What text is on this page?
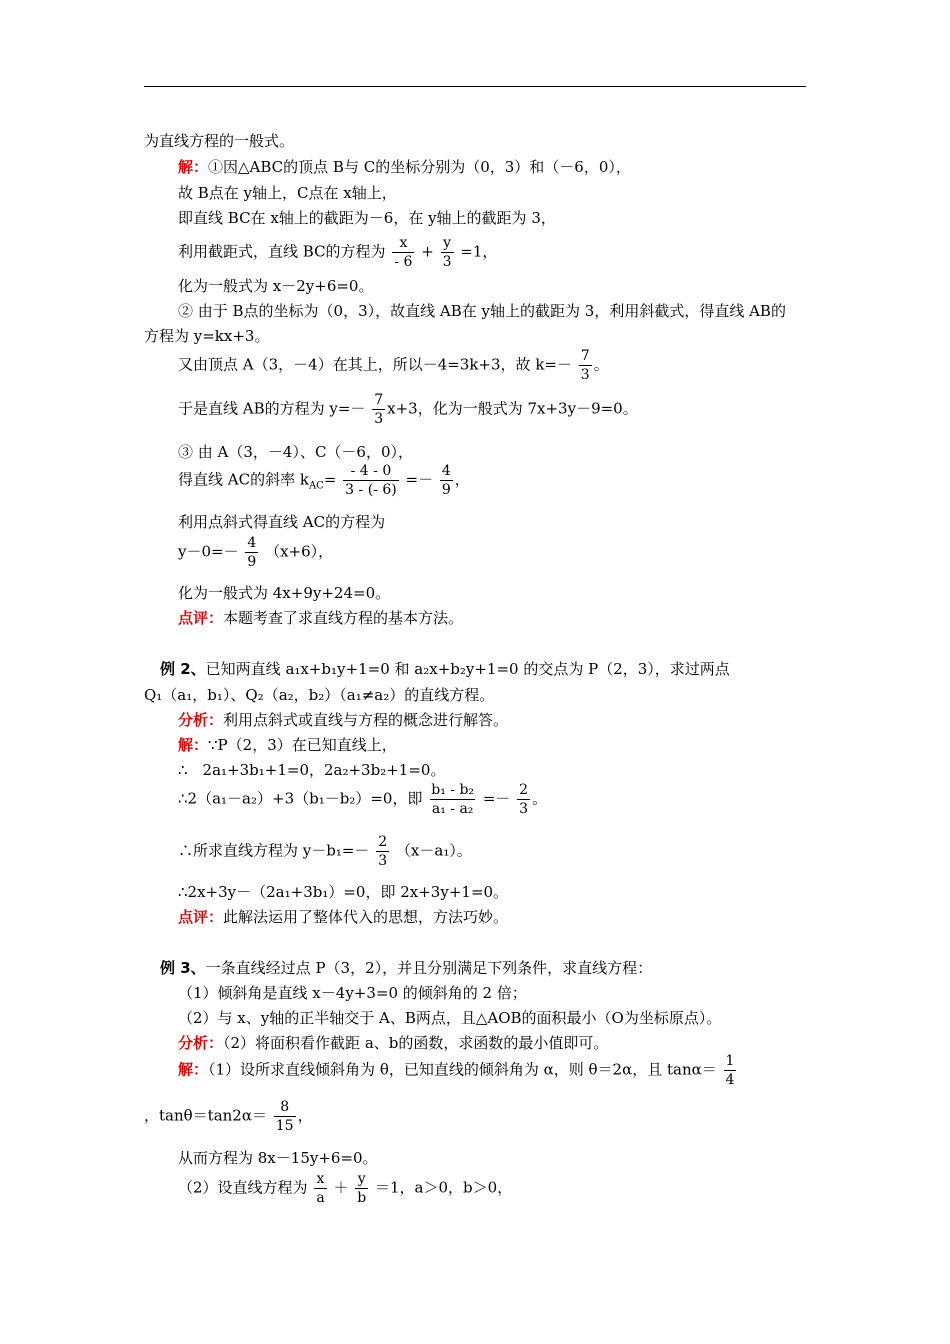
为直线方程的一般式。
解：①因△ABC的顶点 B与 C的坐标分别为（0，3）和（－6，0），
故 B点在 y轴上，C点在 x轴上，
即直线 BC在 x轴上的截距为－6，在 y轴上的截距为 3，
利用截距式，直线 BC的方程为 $\frac{x}{- 6} + \frac{y}{3} =1$，
化为一般式为 x－2y+6=0。
② 由于 B点的坐标为（0，3），故直线 AB在 y轴上的截距为 3，利用斜截式，得直线 AB的
方程为 y=kx+3。
又由顶点 A（3，－4）在其上，所以－4=3k+3，故 $k=- \frac{7}{3}$ 。
于是直线 AB的方程为 $y=- \frac{7}{3} x+3$，化为一般式为 7x+3y－9=0。
③ 由 A（3，－4）、C（－6，0），
得直线 AC的斜率 $k_{AC}= \frac{- 4 - 0}{3 - (- 6)} =- \frac{4}{9}$ ，
利用点斜式得直线 AC的方程为
$y-0=- \frac{4}{9} (x+6)$，
化为一般式为 4x+9y+24=0。
点评：本题考查了求直线方程的基本方法。
例 2、已知两直线 a₁x+b₁y+1=0 和 a₂x+b₂y+1=0 的交点为 P（2，3），求过两点
Q₁（a₁，b₁）、Q₂（a₂，b₂）（a₁≠a₂）的直线方程。
分析：利用点斜式或直线与方程的概念进行解答。
解：∵P（2，3）在已知直线上，
∴　2a₁+3b₁+1=0，2a₂+3b₂+1=0。
∴2（a₁－a₂）+3（b₁－b₂）=0，即 $\frac{\text{b₁ - b₂}}{\text{a₁ - a₂}} =- \frac{2}{3}$ 。
∴所求直线方程为 $y-b_1=- \frac{2}{3} (x-a_1)$。
∴2x+3y－（2a₁+3b₁）=0，即 2x+3y+1=0。
点评：此解法运用了整体代入的思想，方法巧妙。
例 3、一条直线经过点 P（3，2），并且分别满足下列条件，求直线方程：
（1）倾斜角是直线 x－4y+3=0 的倾斜角的 2 倍；
（2）与 x、y轴的正半轴交于 A、B两点，且△AOB的面积最小（O为坐标原点）。
分析：（2）将面积看作截距 a、b的函数，求函数的最小值即可。
解：（1）设所求直线倾斜角为 θ，已知直线的倾斜角为 α，则 θ＝2α，且 $\tan\alpha= \frac{1}{4}$
，$\tan\theta=\tan 2\alpha= \frac{8}{15}$ ，
从而方程为 8x－15y+6=0。
（2）设直线方程为 $\frac{x}{a} + \frac{y}{b} =1$，a＞0，b＞0，
